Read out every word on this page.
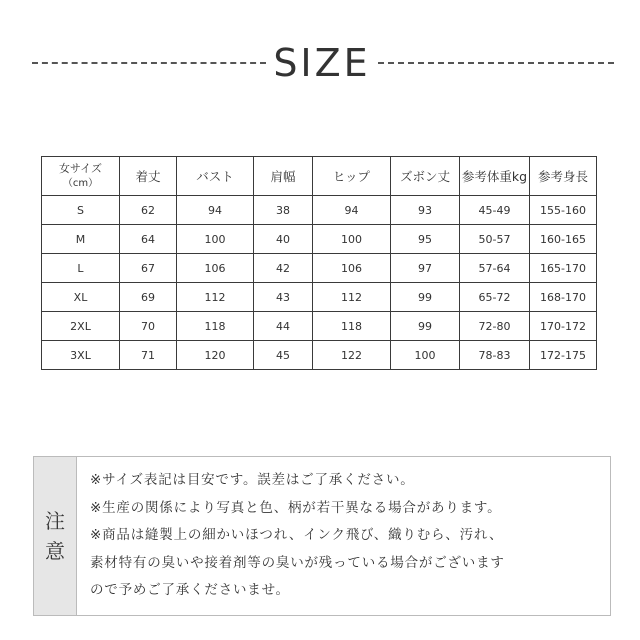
SIZE
女サイズ
（cm）	着丈	バスト	肩幅	ヒップ	ズボン丈	参考体重kg	参考身長
S	62	94	38	94	93	45-49	155-160
M	64	100	40	100	95	50-57	160-165
L	67	106	42	106	97	57-64	165-170
XL	69	112	43	112	99	65-72	168-170
2XL	70	118	44	118	99	72-80	170-172
3XL	71	120	45	122	100	78-83	172-175
注
意
※サイズ表記は目安です。誤差はご了承ください。
※生産の関係により写真と色、柄が若干異なる場合があります。
※商品は縫製上の細かいほつれ、インク飛び、織りむら、汚れ、
素材特有の臭いや接着剤等の臭いが残っている場合がございます
ので予めご了承くださいませ。
